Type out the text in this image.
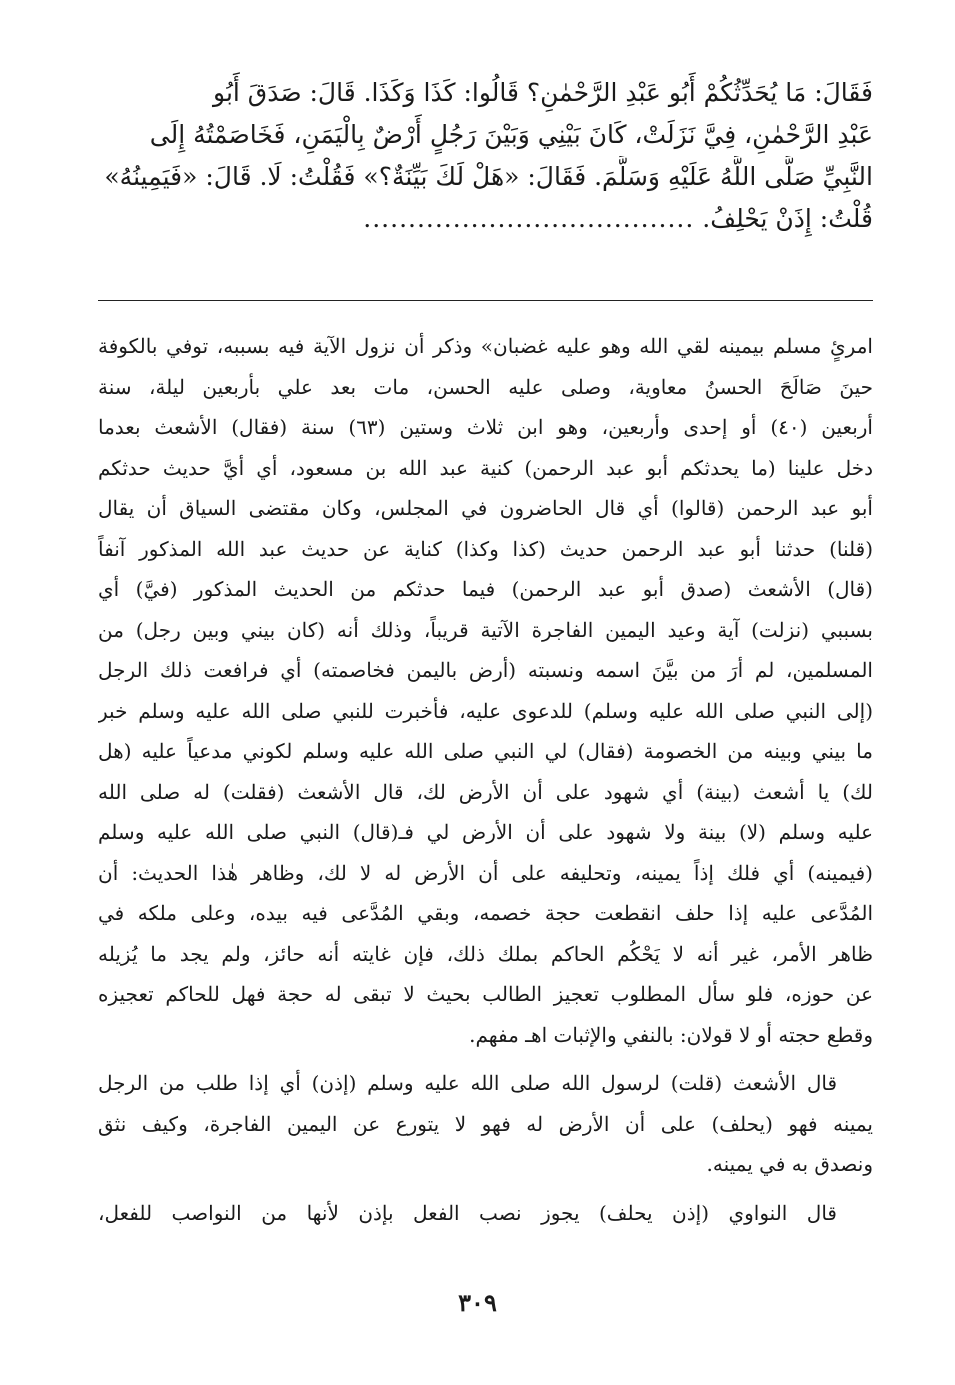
فَقَالَ: مَا يُحَدِّثُكُمْ أَبُو عَبْدِ الرَّحْمٰنِ؟ قَالُوا: كَذَا وَكَذَا. قَالَ: صَدَقَ أَبُو
عَبْدِ الرَّحْمٰنِ، فِيَّ نَزَلَتْ، كَانَ بَيْنِي وَبَيْنَ رَجُلٍ أَرْضٌ بِالْيَمَنِ، فَخَاصَمْتُهُ إِلَى
النَّبِيِّ صَلَّى اللَّهُ عَلَيْهِ وَسَلَّمَ. فَقَالَ: «هَلْ لَكَ بَيِّنَةٌ؟» فَقُلْتُ: لَا. قَالَ: «فَيَمِينُهُ»
قُلْتُ: إِذَنْ يَحْلِفُ. .....................................
امرئٍ مسلم بيمينه لقي الله وهو عليه غضبان» وذكر أن نزول الآية فيه بسببه، توفي بالكوفة
حينَ صَالَحَ الحسنُ معاوية، وصلى عليه الحسن، مات بعد علي بأربعين ليلة، سنة
أربعين (٤٠) أو إحدى وأربعين، وهو ابن ثلاث وستين (٦٣) سنة (فقال) الأشعث بعدما
دخل علينا (ما يحدثكم أبو عبد الرحمن) كنية عبد الله بن مسعود، أي أيَّ حديث حدثكم
أبو عبد الرحمن (قالوا) أي قال الحاضرون في المجلس، وكان مقتضى السياق أن يقال
(قلنا) حدثنا أبو عبد الرحمن حديث (كذا وكذا) كناية عن حديث عبد الله المذكور آنفاً
(قال) الأشعث (صدق أبو عبد الرحمن) فيما حدثكم من الحديث المذكور (فيَّ) أي
بسببي (نزلت) آية وعيد اليمين الفاجرة الآتية قريباً، وذلك أنه (كان بيني وبين رجل) من
المسلمين، لم أرَ من بيَّنَ اسمه ونسبته (أرض باليمن فخاصمته) أي فرافعت ذلك الرجل
(إلى النبي صلى الله عليه وسلم) للدعوى عليه، فأخبرت للنبي صلى الله عليه وسلم خبر
ما بيني وبينه من الخصومة (فقال) لي النبي صلى الله عليه وسلم لكوني مدعياً عليه (هل
لك) يا أشعث (بينة) أي شهود على أن الأرض لك، قال الأشعث (فقلت) له صلى الله
عليه وسلم (لا) بينة ولا شهود على أن الأرض لي فـ(قال) النبي صلى الله عليه وسلم
(فيمينه) أي فلك إذاً يمينه، وتحليفه على أن الأرض له لا لك، وظاهر هٰذا الحديث: أن
المُدَّعى عليه إذا حلف انقطعت حجة خصمه، وبقي المُدَّعى فيه بيده، وعلى ملكه في
ظاهر الأمر، غير أنه لا يَحْكُم الحاكم بملك ذلك، فإن غايته أنه حائز، ولم يجد ما يُزيله
عن حوزه، فلو سأل المطلوب تعجيز الطالب بحيث لا تبقى له حجة فهل للحاكم تعجيزه
وقطع حجته أو لا قولان: بالنفي والإثبات اهـ مفهم.
قال الأشعث (قلت) لرسول الله صلى الله عليه وسلم (إذن) أي إذا طلب من الرجل
يمينه فهو (يحلف) على أن الأرض له فهو لا يتورع عن اليمين الفاجرة، وكيف نثق
ونصدق به في يمينه.
قال النواوي (إذن يحلف) يجوز نصب الفعل بإذن لأنها من النواصب للفعل،
٣٠٩
